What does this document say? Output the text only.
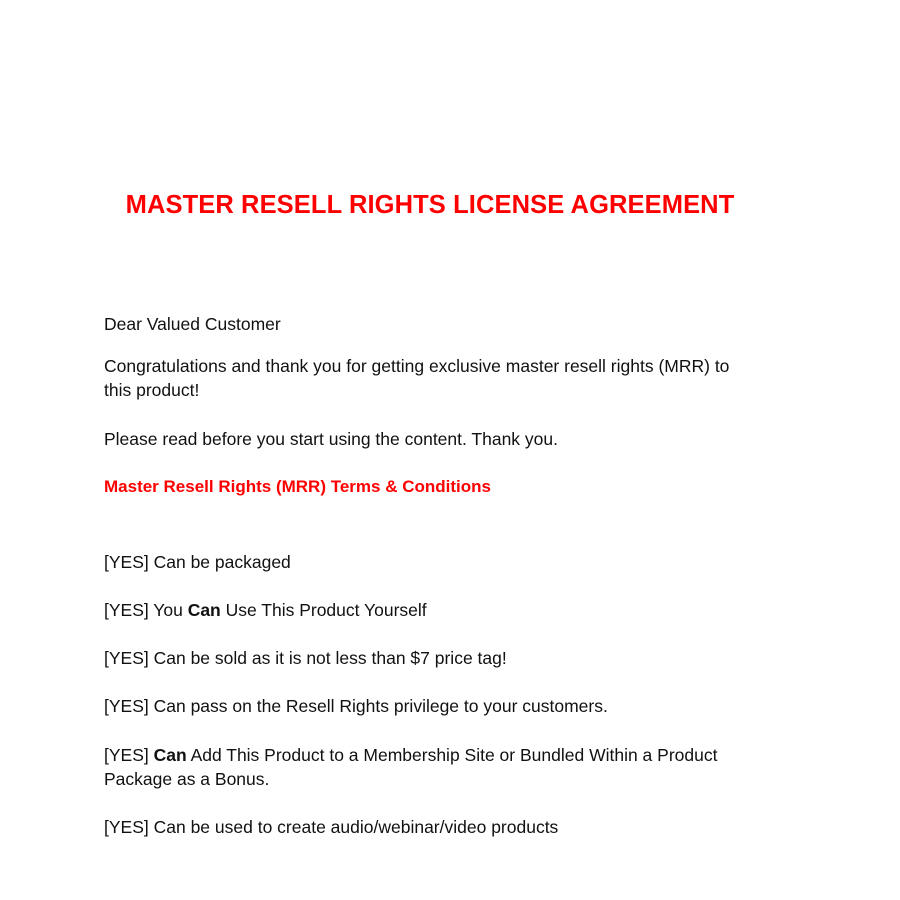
MASTER RESELL RIGHTS LICENSE AGREEMENT

Dear Valued Customer

Congratulations and thank you for getting exclusive master resell rights (MRR) to this product!

Please read before you start using the content. Thank you.

Master Resell Rights (MRR) Terms & Conditions

[YES] Can be packaged

[YES] You Can Use This Product Yourself

[YES] Can be sold as it is not less than $7 price tag!

[YES] Can pass on the Resell Rights privilege to your customers.

[YES] Can Add This Product to a Membership Site or Bundled Within a Product Package as a Bonus.

[YES] Can be used to create audio/webinar/video products
